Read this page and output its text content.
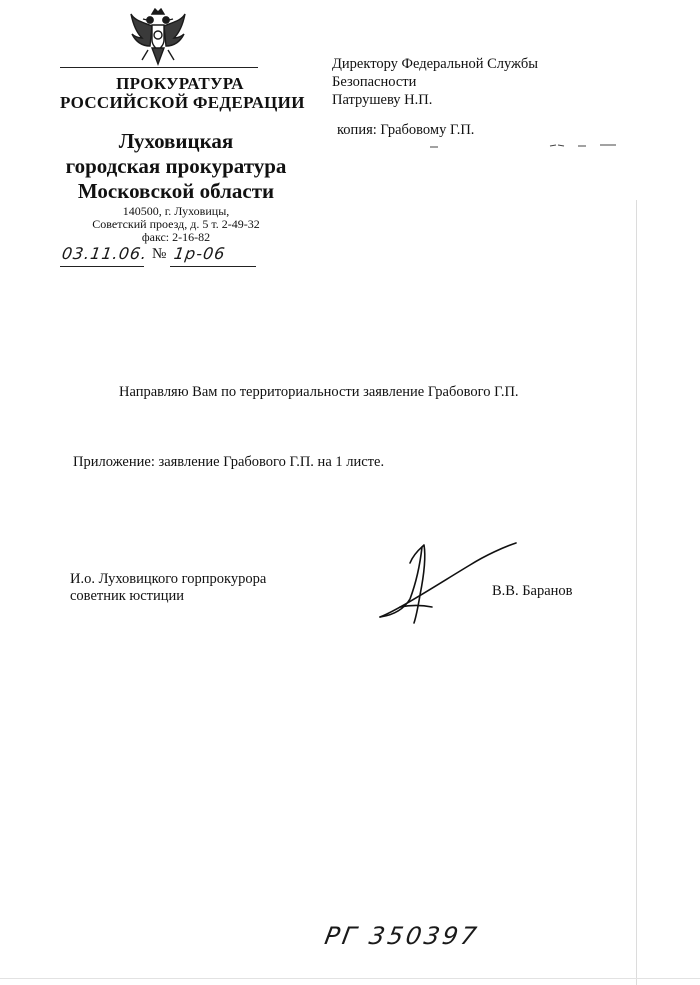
ПРОКУРАТУРА
РОССИЙСКОЙ ФЕДЕРАЦИИ
Луховицкая
городская прокуратура
Московской области
140500, г. Луховицы,
Советский проезд, д. 5 т. 2-49-32
факс: 2-16-82
03.11.06. № 1р-06
Директору Федеральной Службы
Безопасности
Патрушеву Н.П.
копия: Грабовому Г.П.
Направляю Вам по территориальности заявление Грабового Г.П.
Приложение: заявление Грабового Г.П. на 1 листе.
И.о. Луховицкого горпрокурора
советник юстиции	В.В. Баранов
РГ 350397
